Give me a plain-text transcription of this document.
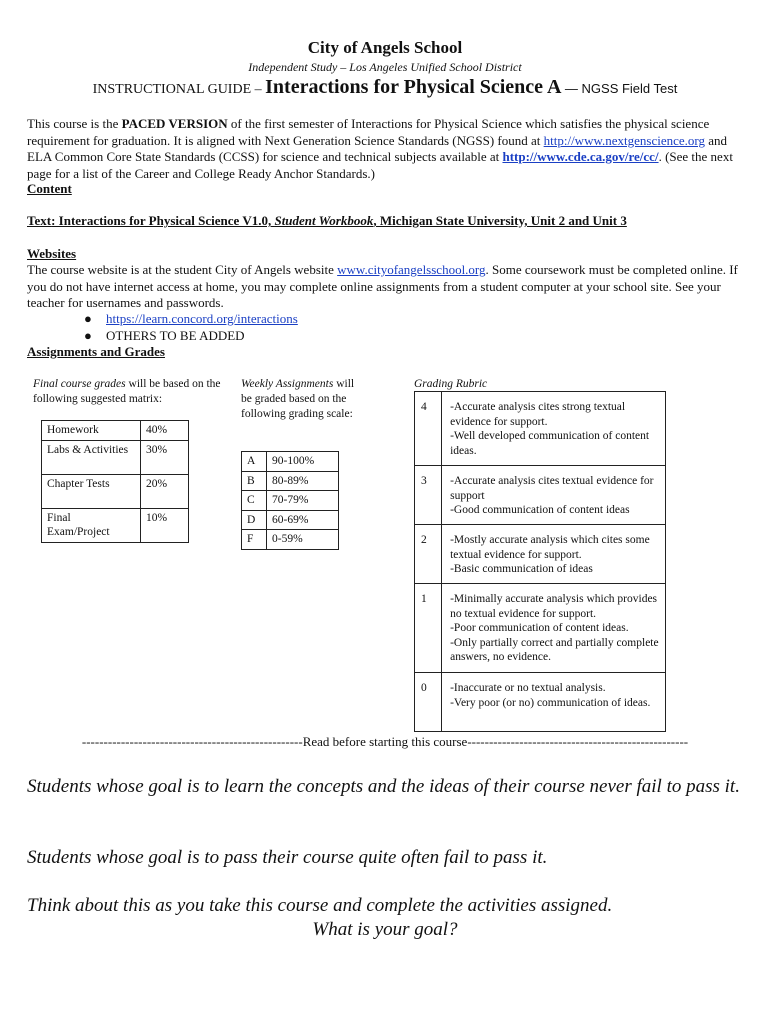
City of Angels School
Independent Study – Los Angeles Unified School District
INSTRUCTIONAL GUIDE – Interactions for Physical Science A — NGSS Field Test
This course is the PACED VERSION of the first semester of Interactions for Physical Science which satisfies the physical science requirement for graduation. It is aligned with Next Generation Science Standards (NGSS) found at http://www.nextgenscience.org and ELA Common Core State Standards (CCSS) for science and technical subjects available at http://www.cde.ca.gov/re/cc/. (See the next page for a list of the Career and College Ready Anchor Standards.)
Content
Text: Interactions for Physical Science V1.0, Student Workbook, Michigan State University, Unit 2 and Unit 3
Websites
The course website is at the student City of Angels website www.cityofangelsschool.org. Some coursework must be completed online. If you do not have internet access at home, you may complete online assignments from a student computer at your school site. See your teacher for usernames and passwords.
● https://learn.concord.org/interactions
● OTHERS TO BE ADDED
Assignments and Grades
Final course grades will be based on the following suggested matrix:
Homework	40%
Labs & Activities	30%
Chapter Tests	20%
Final Exam/Project	10%
Weekly Assignments will be graded based on the following grading scale:
A	90-100%
B	80-89%
C	70-79%
D	60-69%
F	0-59%
Grading Rubric
4	-Accurate analysis cites strong textual evidence for support.
-Well developed communication of content ideas.

3	-Accurate analysis cites textual evidence for support
-Good communication of content ideas

2	-Mostly accurate analysis which cites some textual evidence for support.
-Basic communication of ideas

1	-Minimally accurate analysis which provides no textual evidence for support.
-Poor communication of content ideas.
-Only partially correct and partially complete answers, no evidence.

0	-Inaccurate or no textual analysis.
-Very poor (or no) communication of ideas.
---------------------------------------------------Read before starting this course---------------------------------------------------
Students whose goal is to learn the concepts and the ideas of their course never fail to pass it.
Students whose goal is to pass their course quite often fail to pass it.
Think about this as you take this course and complete the activities assigned.
What is your goal?
